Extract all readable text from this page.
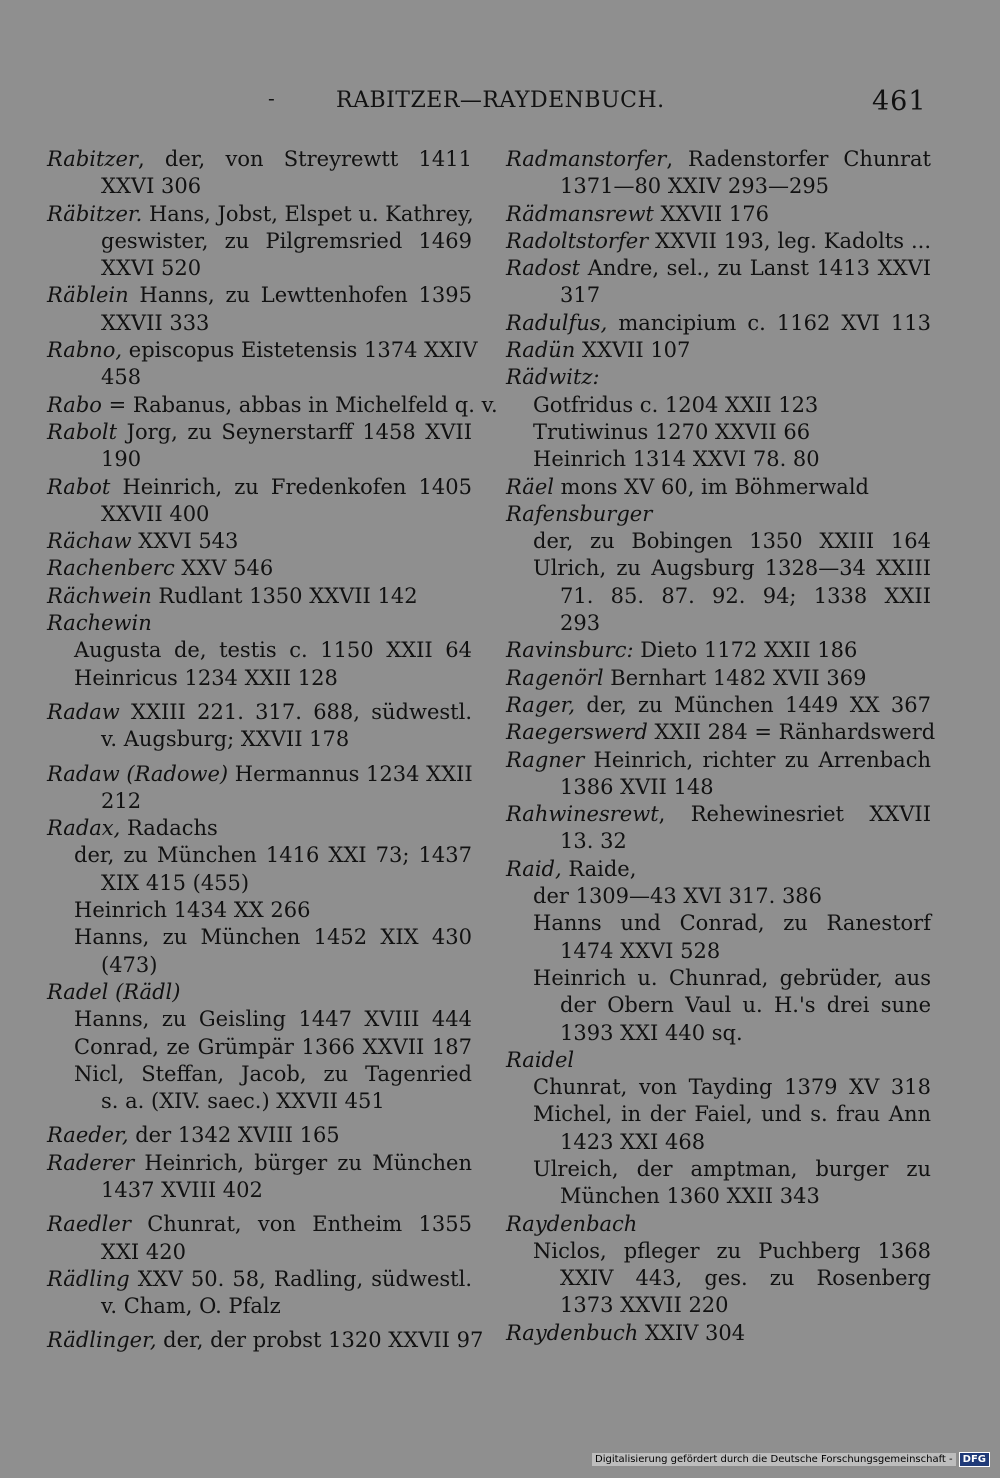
-	RABITZER—RAYDENBUCH.	461
Rabitzer, der, von Streyrewtt 1411
XXVI 306
Räbitzer. Hans, Jobst, Elspet u. Kathrey,
geswister, zu Pilgremsried 1469
XXVI 520
Räblein Hanns, zu Lewttenhofen 1395
XXVII 333
Rabno, episcopus Eistetensis 1374 XXIV
458
Rabo = Rabanus, abbas in Michelfeld q. v.
Rabolt Jorg, zu Seynerstarff 1458 XVII
190
Rabot Heinrich, zu Fredenkofen 1405
XXVII 400
Rächaw XXVI 543
Rachenberc XXV 546
Rächwein Rudlant 1350 XXVII 142
Rachewin
Augusta de, testis c. 1150 XXII 64
Heinricus 1234 XXII 128
Radaw XXIII 221. 317. 688, südwestl.
v. Augsburg; XXVII 178
Radaw (Radowe) Hermannus 1234 XXII
212
Radax, Radachs
der, zu München 1416 XXI 73; 1437
XIX 415 (455)
Heinrich 1434 XX 266
Hanns, zu München 1452 XIX 430
(473)
Radel (Rädl)
Hanns, zu Geisling 1447 XVIII 444
Conrad, ze Grümpär 1366 XXVII 187
Nicl, Steffan, Jacob, zu Tagenried
s. a. (XIV. saec.) XXVII 451
Raeder, der 1342 XVIII 165
Raderer Heinrich, bürger zu München
1437 XVIII 402
Raedler Chunrat, von Entheim 1355
XXI 420
Rädling XXV 50. 58, Radling, südwestl.
v. Cham, O. Pfalz
Rädlinger, der, der probst 1320 XXVII 97
Radmanstorfer, Radenstorfer Chunrat
1371—80 XXIV 293—295
Rädmansrewt XXVII 176
Radoltstorfer XXVII 193, leg. Kadolts ...
Radost Andre, sel., zu Lanst 1413 XXVI
317
Radulfus, mancipium c. 1162 XVI 113
Radün XXVII 107
Rädwitz:
Gotfridus c. 1204 XXII 123
Trutiwinus 1270 XXVII 66
Heinrich 1314 XXVI 78. 80
Räel mons XV 60, im Böhmerwald
Rafensburger
der, zu Bobingen 1350 XXIII 164
Ulrich, zu Augsburg 1328—34 XXIII
71. 85. 87. 92. 94; 1338 XXII
293
Ravinsburc: Dieto 1172 XXII 186
Ragenörl Bernhart 1482 XVII 369
Rager, der, zu München 1449 XX 367
Raegerswerd XXII 284 = Ränhardswerd
Ragner Heinrich, richter zu Arrenbach
1386 XVII 148
Rahwinesrewt, Rehewinesriet XXVII
13. 32
Raid, Raide,
der 1309—43 XVI 317. 386
Hanns und Conrad, zu Ranestorf
1474 XXVI 528
Heinrich u. Chunrad, gebrüder, aus
der Obern Vaul u. H.'s drei sune
1393 XXI 440 sq.
Raidel
Chunrat, von Tayding 1379 XV 318
Michel, in der Faiel, und s. frau Ann
1423 XXI 468
Ulreich, der amptman, burger zu
München 1360 XXII 343
Raydenbach
Niclos, pfleger zu Puchberg 1368
XXIV 443, ges. zu Rosenberg
1373 XXVII 220
Raydenbuch XXIV 304
Digitalisierung gefördert durch die Deutsche Forschungsgemeinschaft -	DFG
